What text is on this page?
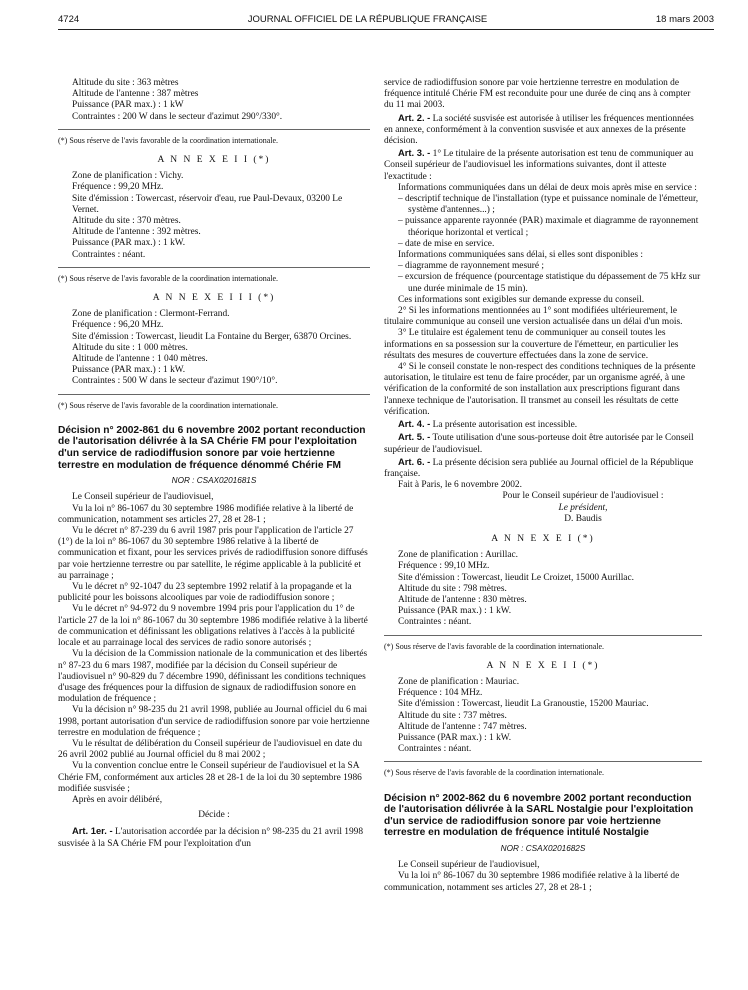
4724	JOURNAL OFFICIEL DE LA RÉPUBLIQUE FRANÇAISE	18 mars 2003

Altitude du site : 363 mètres

Altitude de l'antenne : 387 mètres

Puissance (PAR max.) : 1 kW

Contraintes : 200 W dans le secteur d'azimut 290°/330°.

(*) Sous réserve de l'avis favorable de la coordination internationale.

A N N E X E I I (*)

Zone de planification : Vichy.

Fréquence : 99,20 MHz.

Site d'émission : Towercast, réservoir d'eau, rue Paul-Devaux, 03200 Le Vernet.

Altitude du site : 370 mètres.

Altitude de l'antenne : 392 mètres.

Puissance (PAR max.) : 1 kW.

Contraintes : néant.

(*) Sous réserve de l'avis favorable de la coordination internationale.

A N N E X E I I I (*)

Zone de planification : Clermont-Ferrand.

Fréquence : 96,20 MHz.

Site d'émission : Towercast, lieudit La Fontaine du Berger, 63870 Orcines.

Altitude du site : 1 000 mètres.

Altitude de l'antenne : 1 040 mètres.

Puissance (PAR max.) : 1 kW.

Contraintes : 500 W dans le secteur d'azimut 190°/10°.

(*) Sous réserve de l'avis favorable de la coordination internationale.

Décision n° 2002-861 du 6 novembre 2002 portant reconduction de l'autorisation délivrée à la SA Chérie FM pour l'exploitation d'un service de radiodiffusion sonore par voie hertzienne terrestre en modulation de fréquence dénommé Chérie FM

NOR : CSAX0201681S

Le Conseil supérieur de l'audiovisuel,

Vu la loi n° 86-1067 du 30 septembre 1986 modifiée relative à la liberté de communication, notamment ses articles 27, 28 et 28-1 ;

Vu le décret n° 87-239 du 6 avril 1987 pris pour l'application de l'article 27 (1°) de la loi n° 86-1067 du 30 septembre 1986 relative à la liberté de communication et fixant, pour les services privés de radiodiffusion sonore diffusés par voie hertzienne terrestre ou par satellite, le régime applicable à la publicité et au parrainage ;

Vu le décret n° 92-1047 du 23 septembre 1992 relatif à la propagande et la publicité pour les boissons alcooliques par voie de radiodiffusion sonore ;

Vu le décret n° 94-972 du 9 novembre 1994 pris pour l'application du 1° de l'article 27 de la loi n° 86-1067 du 30 septembre 1986 modifiée relative à la liberté de communication et définissant les obligations relatives à l'accès à la publicité locale et au parrainage local des services de radio sonore autorisés ;

Vu la décision de la Commission nationale de la communication et des libertés n° 87-23 du 6 mars 1987, modifiée par la décision du Conseil supérieur de l'audiovisuel n° 90-829 du 7 décembre 1990, définissant les conditions techniques d'usage des fréquences pour la diffusion de signaux de radiodiffusion sonore en modulation de fréquence ;

Vu la décision n° 98-235 du 21 avril 1998, publiée au Journal officiel du 6 mai 1998, portant autorisation d'un service de radiodiffusion sonore par voie hertzienne terrestre en modulation de fréquence ;

Vu le résultat de délibération du Conseil supérieur de l'audiovisuel en date du 26 avril 2002 publié au Journal officiel du 8 mai 2002 ;

Vu la convention conclue entre le Conseil supérieur de l'audiovisuel et la SA Chérie FM, conformément aux articles 28 et 28-1 de la loi du 30 septembre 1986 modifiée susvisée ;

Après en avoir délibéré,

Décide :

Art. 1er. - L'autorisation accordée par la décision n° 98-235 du 21 avril 1998 susvisée à la SA Chérie FM pour l'exploitation d'un

service de radiodiffusion sonore par voie hertzienne terrestre en modulation de fréquence intitulé Chérie FM est reconduite pour une durée de cinq ans à compter du 11 mai 2003.

Art. 2. - La société susvisée est autorisée à utiliser les fréquences mentionnées en annexe, conformément à la convention susvisée et aux annexes de la présente décision.

Art. 3. - 1° Le titulaire de la présente autorisation est tenu de communiquer au Conseil supérieur de l'audiovisuel les informations suivantes, dont il atteste l'exactitude :

Informations communiquées dans un délai de deux mois après mise en service :

– descriptif technique de l'installation (type et puissance nominale de l'émetteur, système d'antennes...) ;

– puissance apparente rayonnée (PAR) maximale et diagramme de rayonnement théorique horizontal et vertical ;

– date de mise en service.

Informations communiquées sans délai, si elles sont disponibles :

– diagramme de rayonnement mesuré ;

– excursion de fréquence (pourcentage statistique du dépassement de 75 kHz sur une durée minimale de 15 min).

Ces informations sont exigibles sur demande expresse du conseil.

2° Si les informations mentionnées au 1° sont modifiées ultérieurement, le titulaire communique au conseil une version actualisée dans un délai d'un mois.

3° Le titulaire est également tenu de communiquer au conseil toutes les informations en sa possession sur la couverture de l'émetteur, en particulier les résultats des mesures de couverture effectuées dans la zone de service.

4° Si le conseil constate le non-respect des conditions techniques de la présente autorisation, le titulaire est tenu de faire procéder, par un organisme agréé, à une vérification de la conformité de son installation aux prescriptions figurant dans l'annexe technique de l'autorisation. Il transmet au conseil les résultats de cette vérification.

Art. 4. - La présente autorisation est incessible.

Art. 5. - Toute utilisation d'une sous-porteuse doit être autorisée par le Conseil supérieur de l'audiovisuel.

Art. 6. - La présente décision sera publiée au Journal officiel de la République française.

Fait à Paris, le 6 novembre 2002.

Pour le Conseil supérieur de l'audiovisuel :

Le président,

D. Baudis

A N N E X E I (*)

Zone de planification : Aurillac.

Fréquence : 99,10 MHz.

Site d'émission : Towercast, lieudit Le Croizet, 15000 Aurillac.

Altitude du site : 798 mètres.

Altitude de l'antenne : 830 mètres.

Puissance (PAR max.) : 1 kW.

Contraintes : néant.

(*) Sous réserve de l'avis favorable de la coordination internationale.

A N N E X E I I (*)

Zone de planification : Mauriac.

Fréquence : 104 MHz.

Site d'émission : Towercast, lieudit La Granoustie, 15200 Mauriac.

Altitude du site : 737 mètres.

Altitude de l'antenne : 747 mètres.

Puissance (PAR max.) : 1 kW.

Contraintes : néant.

(*) Sous réserve de l'avis favorable de la coordination internationale.

Décision n° 2002-862 du 6 novembre 2002 portant reconduction de l'autorisation délivrée à la SARL Nostalgie pour l'exploitation d'un service de radiodiffusion sonore par voie hertzienne terrestre en modulation de fréquence intitulé Nostalgie

NOR : CSAX0201682S

Le Conseil supérieur de l'audiovisuel,

Vu la loi n° 86-1067 du 30 septembre 1986 modifiée relative à la liberté de communication, notamment ses articles 27, 28 et 28-1 ;
